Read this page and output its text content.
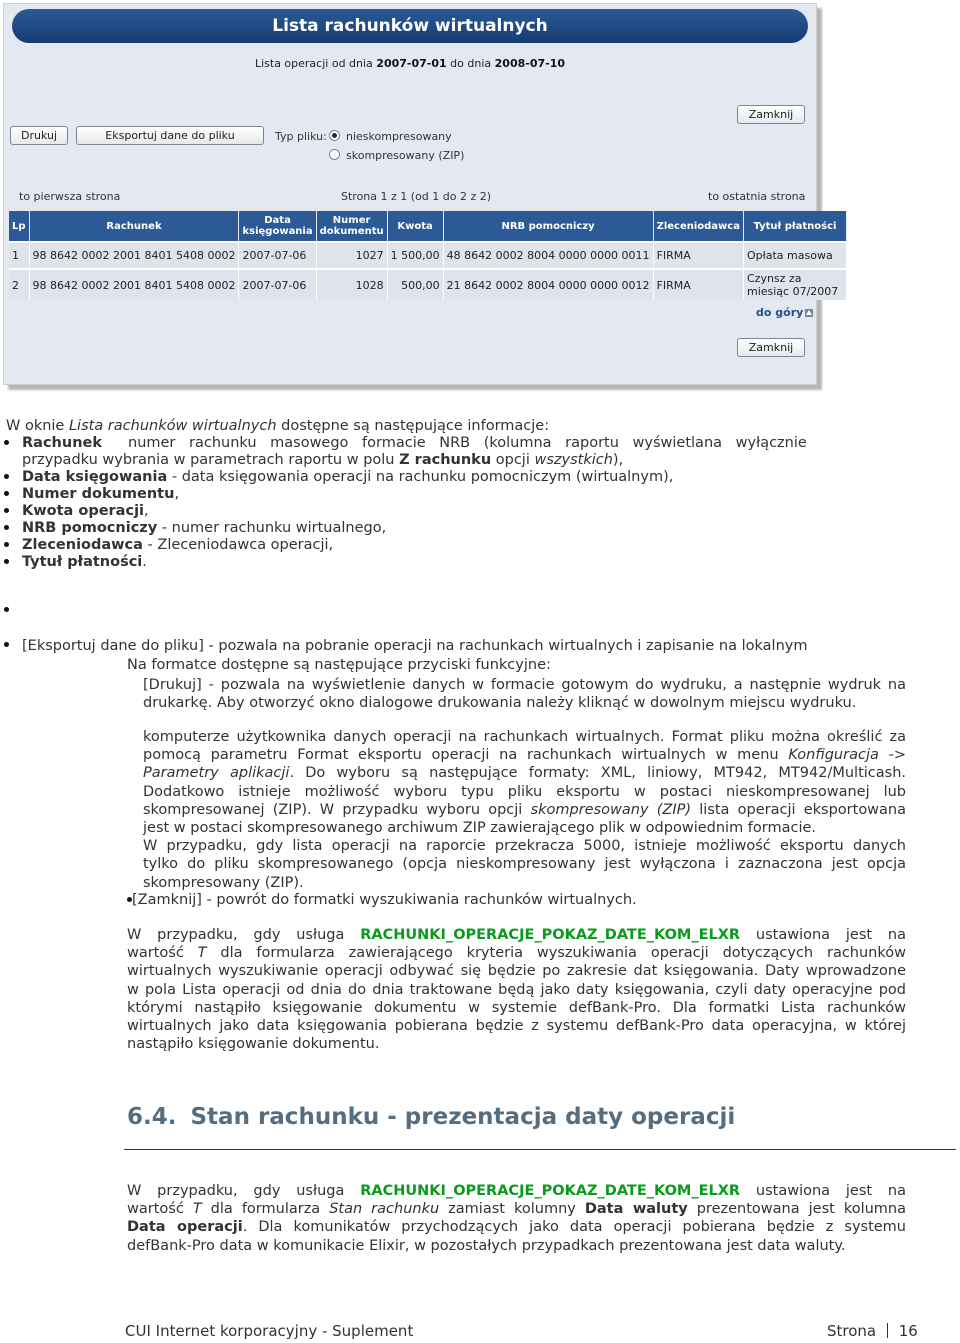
Lista rachunków wirtualnych
Lista operacji od dnia 2007-07-01 do dnia 2008-07-10
Zamknij
Drukuj	Eksportuj dane do pliku	Typ pliku: nieskompresowany
skompresowany (ZIP)
to pierwsza strona	Strona 1 z 1 (od 1 do 2 z 2)	to ostatnia strona
Lp	Rachunek	Data księgowania	Numer dokumentu	Kwota	NRB pomocniczy	Zleceniodawca	Tytuł płatności
1	98 8642 0002 2001 8401 5408 0002	2007-07-06	1027	1 500,00	48 8642 0002 8004 0000 0000 0011	FIRMA	Opłata masowa
2	98 8642 0002 2001 8401 5408 0002	2007-07-06	1028	500,00	21 8642 0002 8004 0000 0000 0012	FIRMA	Czynsz za miesiąc 07/2007
do góry
Zamknij
W oknie Lista rachunków wirtualnych dostępne są następujące informacje:
Rachunek numer rachunku masowego formacie NRB (kolumna raportu wyświetlana wyłącznie
przypadku wybrania w parametrach raportu w polu Z rachunku opcji wszystkich),
Data księgowania - data księgowania operacji na rachunku pomocniczym (wirtualnym),
Numer dokumentu,
Kwota operacji,
NRB pomocniczy - numer rachunku wirtualnego,
Zleceniodawca - Zleceniodawca operacji,
Tytuł płatności.
[Eksportuj dane do pliku] - pozwala na pobranie operacji na rachunkach wirtualnych i zapisanie na lokalnym
Na formatce dostępne są następujące przyciski funkcyjne:
[Drukuj] - pozwala na wyświetlenie danych w formacie gotowym do wydruku, a następnie wydruk na
drukarkę. Aby otworzyć okno dialogowe drukowania należy kliknąć w dowolnym miejscu wydruku.
komputerze użytkownika danych operacji na rachunkach wirtualnych. Format pliku można określić za
pomocą parametru Format eksportu operacji na rachunkach wirtualnych w menu Konfiguracja ->
Parametry aplikacji. Do wyboru są następujące formaty: XML, liniowy, MT942, MT942/Multicash.
Dodatkowo istnieje możliwość wyboru typu pliku eksportu w postaci nieskompresowanej lub
skompresowanej (ZIP). W przypadku wyboru opcji skompresowany (ZIP) lista operacji eksportowana
jest w postaci skompresowanego archiwum ZIP zawierającego plik w odpowiednim formacie.
W przypadku, gdy lista operacji na raporcie przekracza 5000, istnieje możliwość eksportu danych
tylko do pliku skompresowanego (opcja nieskompresowany jest wyłączona i zaznaczona jest opcja
skompresowany (ZIP).
[Zamknij] - powrót do formatki wyszukiwania rachunków wirtualnych.
W przypadku, gdy usługa RACHUNKI_OPERACJE_POKAZ_DATE_KOM_ELXR ustawiona jest na
wartość T dla formularza zawierającego kryteria wyszukiwania operacji dotyczących rachunków
wirtualnych wyszukiwanie operacji odbywać się będzie po zakresie dat księgowania. Daty wprowadzone
w pola Lista operacji od dnia do dnia traktowane będą jako daty księgowania, czyli daty operacyjne pod
którymi nastąpiło księgowanie dokumentu w systemie defBank-Pro. Dla formatki Lista rachunków
wirtualnych jako data księgowania pobierana będzie z systemu defBank-Pro data operacyjna, w której
nastąpiło księgowanie dokumentu.
6.4. Stan rachunku - prezentacja daty operacji
W przypadku, gdy usługa RACHUNKI_OPERACJE_POKAZ_DATE_KOM_ELXR ustawiona jest na
wartość T dla formularza Stan rachunku zamiast kolumny Data waluty prezentowana jest kolumna
Data operacji. Dla komunikatów przychodzących jako data operacji pobierana będzie z systemu
defBank-Pro data w komunikacie Elixir, w pozostałych przypadkach prezentowana jest data waluty.
CUI Internet korporacyjny - Suplement	Strona 16
